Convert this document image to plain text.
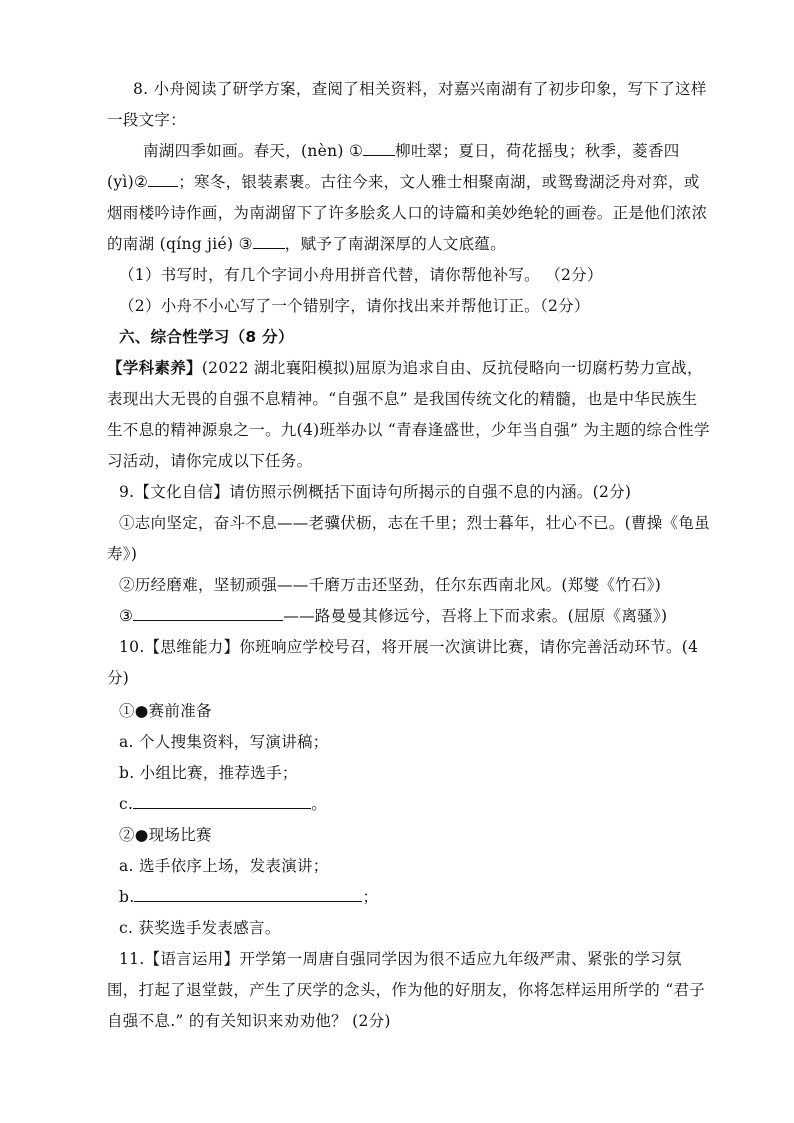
8. 小舟阅读了研学方案，查阅了相关资料，对嘉兴南湖有了初步印象，写下了这样一段文字：

南湖四季如画。春天，(nèn) ① 柳吐翠；夏日，荷花摇曳；秋季，菱香四 (yì)② ；寒冬，银装素裹。古往今来，文人雅士相聚南湖，或鸳鸯湖泛舟对弈，或烟雨楼吟诗作画，为南湖留下了许多脍炙人口的诗篇和美妙绝轮的画卷。正是他们浓浓的南湖 (qíng jié) ③ ，赋予了南湖深厚的人文底蕴。

（1）书写时，有几个字词小舟用拼音代替，请你帮他补写。 （2分）

（2）小舟不小心写了一个错别字，请你找出来并帮他订正。（2分）

六、综合性学习（8 分）

【学科素养】(2022 湖北襄阳模拟)屈原为追求自由、反抗侵略向一切腐朽势力宣战，表现出大无畏的自强不息精神。“自强不息” 是我国传统文化的精髓，也是中华民族生生不息的精神源泉之一。九(4)班举办以 “青春逢盛世，少年当自强” 为主题的综合性学习活动，请你完成以下任务。

9.【文化自信】请仿照示例概括下面诗句所揭示的自强不息的内涵。(2分)

①志向坚定，奋斗不息——老骥伏枥，志在千里；烈士暮年，壮心不已。(曹操《龟虽寿》)

②历经磨难，坚韧顽强——千磨万击还坚劲，任尔东西南北风。(郑燮《竹石》)

③	——路曼曼其修远兮，吾将上下而求索。(屈原《离骚》)

10.【思维能力】你班响应学校号召，将开展一次演讲比赛，请你完善活动环节。(4 分)

①●赛前准备

a. 个人搜集资料，写演讲稿；

b. 小组比赛，推荐选手；

c.	。

②●现场比赛

a. 选手依序上场，发表演讲；

b.	；

c. 获奖选手发表感言。

11.【语言运用】开学第一周唐自强同学因为很不适应九年级严肃、紧张的学习氛围，打起了退堂鼓，产生了厌学的念头，作为他的好朋友，你将怎样运用所学的 “君子自强不息.” 的有关知识来劝劝他？ (2分)
